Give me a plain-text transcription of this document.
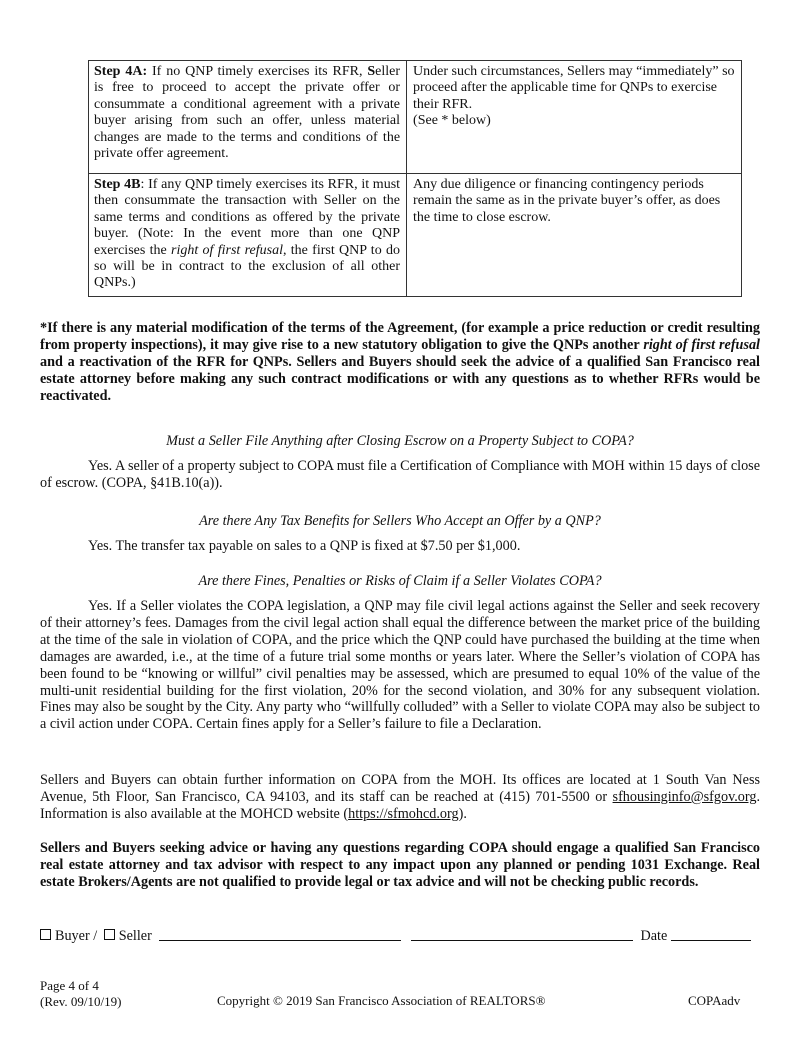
Step 4A: If no QNP timely exercises its RFR, Seller is free to proceed to accept the private offer or consummate a conditional agreement with a private buyer arising from such an offer, unless material changes are made to the terms and conditions of the private offer agreement.	Under such circumstances, Sellers may “immediately” so proceed after the applicable time for QNPs to exercise their RFR.
(See * below)

Step 4B: If any QNP timely exercises its RFR, it must then consummate the transaction with Seller on the same terms and conditions as offered by the private buyer. (Note: In the event more than one QNP exercises the right of first refusal, the first QNP to do so will be in contract to the exclusion of all other QNPs.)	Any due diligence or financing contingency periods remain the same as in the private buyer’s offer, as does the time to close escrow.
*If there is any material modification of the terms of the Agreement, (for example a price reduction or credit resulting from property inspections), it may give rise to a new statutory obligation to give the QNPs another right of first refusal and a reactivation of the RFR for QNPs. Sellers and Buyers should seek the advice of a qualified San Francisco real estate attorney before making any such contract modifications or with any questions as to whether RFRs would be reactivated.
Must a Seller File Anything after Closing Escrow on a Property Subject to COPA?
Yes. A seller of a property subject to COPA must file a Certification of Compliance with MOH within 15 days of close of escrow. (COPA, §41B.10(a)).
Are there Any Tax Benefits for Sellers Who Accept an Offer by a QNP?
Yes. The transfer tax payable on sales to a QNP is fixed at $7.50 per $1,000.
Are there Fines, Penalties or Risks of Claim if a Seller Violates COPA?
Yes. If a Seller violates the COPA legislation, a QNP may file civil legal actions against the Seller and seek recovery of their attorney’s fees. Damages from the civil legal action shall equal the difference between the market price of the building at the time of the sale in violation of COPA, and the price which the QNP could have purchased the building at the time when damages are awarded, i.e., at the time of a future trial some months or years later. Where the Seller’s violation of COPA has been found to be “knowing or willful” civil penalties may be assessed, which are presumed to equal 10% of the value of the multi-unit residential building for the first violation, 20% for the second violation, and 30% for any subsequent violation. Fines may also be sought by the City. Any party who “willfully colluded” with a Seller to violate COPA may also be subject to a civil action under COPA. Certain fines apply for a Seller’s failure to file a Declaration.
Sellers and Buyers can obtain further information on COPA from the MOH. Its offices are located at 1 South Van Ness Avenue, 5th Floor, San Francisco, CA 94103, and its staff can be reached at (415) 701-5500 or sfhousinginfo@sfgov.org. Information is also available at the MOHCD website (https://sfmohcd.org).
Sellers and Buyers seeking advice or having any questions regarding COPA should engage a qualified San Francisco real estate attorney and tax advisor with respect to any impact upon any planned or pending 1031 Exchange. Real estate Brokers/Agents are not qualified to provide legal or tax advice and will not be checking public records.
Buyer / Seller	Date
Page 4 of 4
(Rev. 09/10/19)	Copyright © 2019 San Francisco Association of REALTORS®	COPAadv
